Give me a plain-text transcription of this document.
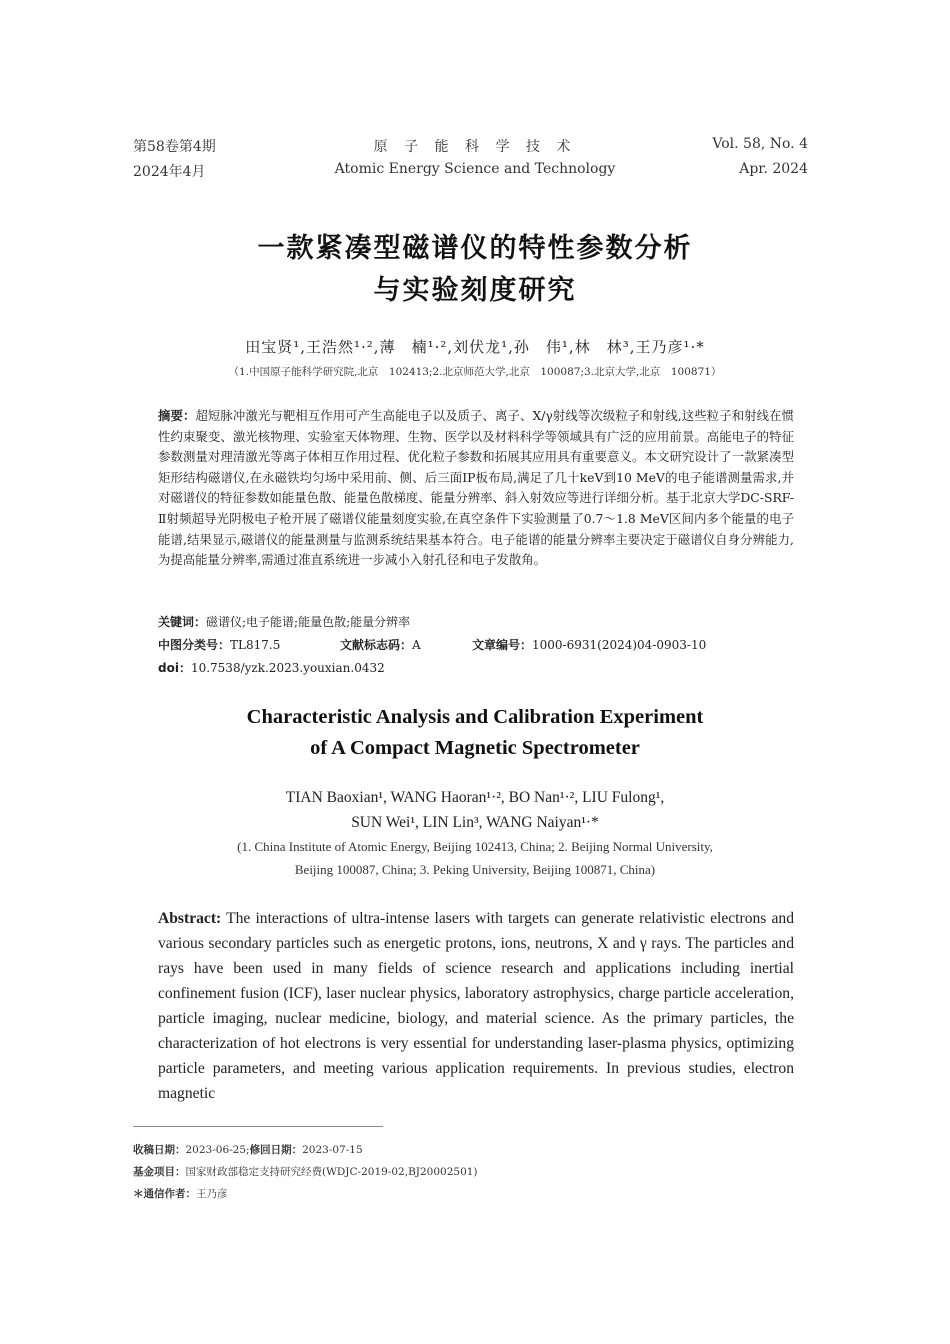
第58卷第4期
2024年4月
原 子 能 科 学 技 术
Atomic Energy Science and Technology
Vol. 58, No. 4
Apr. 2024
一款紧凑型磁谱仪的特性参数分析
与实验刻度研究
田宝贤¹,王浩然¹·²,薄　楠¹·²,刘伏龙¹,孙　伟¹,林　林³,王乃彦¹·*
（1.中国原子能科学研究院,北京　102413;2.北京师范大学,北京　100087;3.北京大学,北京　100871）
摘要：超短脉冲激光与靶相互作用可产生高能电子以及质子、离子、X/γ射线等次级粒子和射线,这些粒子和射线在惯性约束聚变、激光核物理、实验室天体物理、生物、医学以及材料科学等领域具有广泛的应用前景。高能电子的特征参数测量对理清激光等离子体相互作用过程、优化粒子参数和拓展其应用具有重要意义。本文研究设计了一款紧凑型矩形结构磁谱仪,在永磁铁均匀场中采用前、侧、后三面IP板布局,满足了几十keV到10 MeV的电子能谱测量需求,并对磁谱仪的特征参数如能量色散、能量色散梯度、能量分辨率、斜入射效应等进行详细分析。基于北京大学DC-SRF-Ⅱ射频超导光阴极电子枪开展了磁谱仪能量刻度实验,在真空条件下实验测量了0.7～1.8 MeV区间内多个能量的电子能谱,结果显示,磁谱仪的能量测量与监测系统结果基本符合。电子能谱的能量分辨率主要决定于磁谱仪自身分辨能力,为提高能量分辨率,需通过准直系统进一步减小入射孔径和电子发散角。
关键词：磁谱仪;电子能谱;能量色散;能量分辨率
中图分类号：TL817.5	文献标志码：A	文章编号：1000-6931(2024)04-0903-10
doi：10.7538/yzk.2023.youxian.0432
Characteristic Analysis and Calibration Experiment
of A Compact Magnetic Spectrometer
TIAN Baoxian¹, WANG Haoran¹·², BO Nan¹·², LIU Fulong¹,
SUN Wei¹, LIN Lin³, WANG Naiyan¹·*
(1. China Institute of Atomic Energy, Beijing 102413, China; 2. Beijing Normal University,
Beijing 100087, China; 3. Peking University, Beijing 100871, China)
Abstract: The interactions of ultra-intense lasers with targets can generate relativistic electrons and various secondary particles such as energetic protons, ions, neutrons, X and γ rays. The particles and rays have been used in many fields of science research and applications including inertial confinement fusion (ICF), laser nuclear physics, laboratory astrophysics, charge particle acceleration, particle imaging, nuclear medicine, biology, and material science. As the primary particles, the characterization of hot electrons is very essential for understanding laser-plasma physics, optimizing particle parameters, and meeting various application requirements. In previous studies, electron magnetic
收稿日期：2023-06-25;修回日期：2023-07-15
基金项目：国家财政部稳定支持研究经费(WDJC-2019-02,BJ20002501)
＊通信作者：王乃彦
